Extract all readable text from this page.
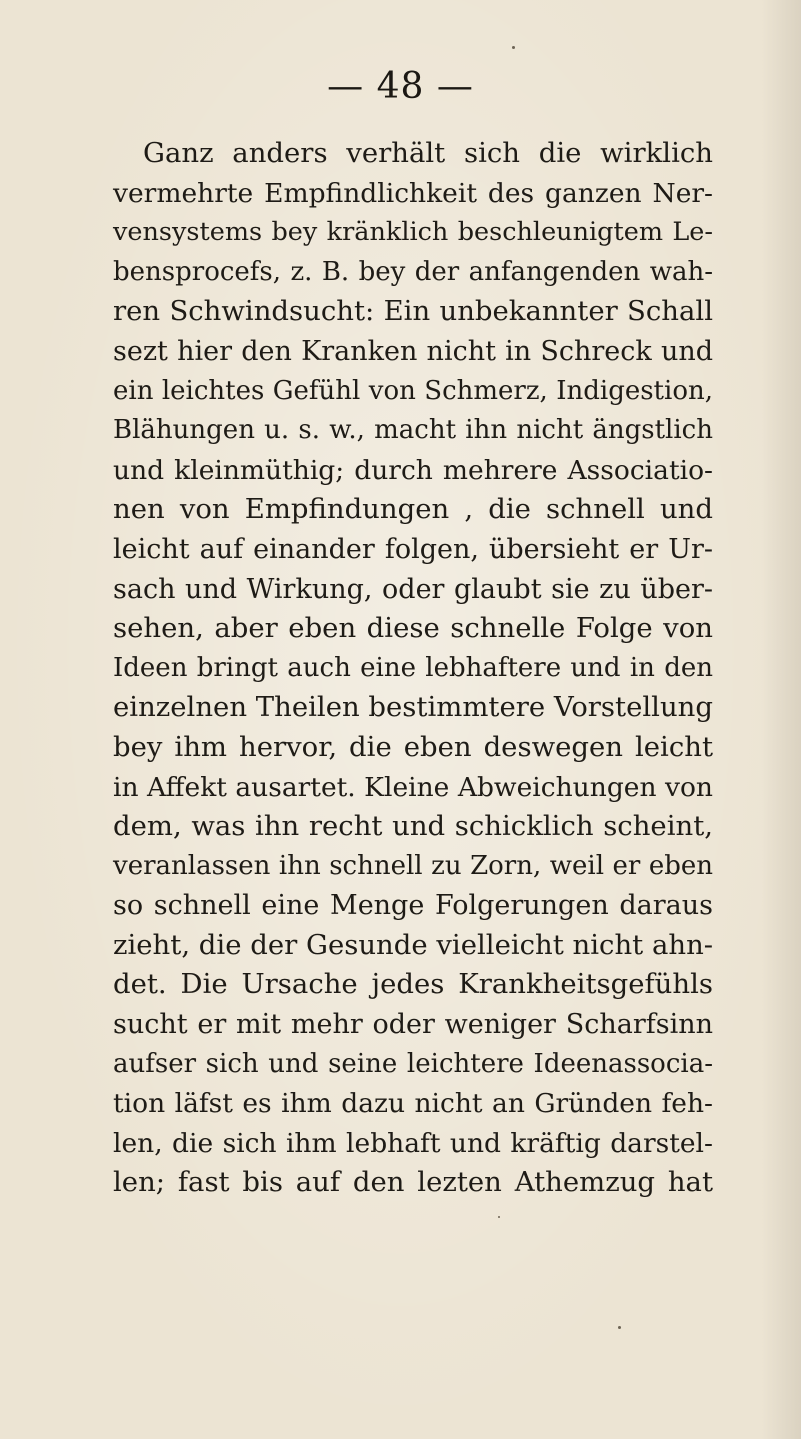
— 48 —
Ganz anders verhält sich die wirklich
vermehrte Empfindlichkeit des ganzen Ner-
vensystems bey kränklich beschleunigtem Le-
bensprocefs, z. B. bey der anfangenden wah-
ren Schwindsucht: Ein unbekannter Schall
sezt hier den Kranken nicht in Schreck und
ein leichtes Gefühl von Schmerz, Indigestion,
Blähungen u. s. w., macht ihn nicht ängstlich
und kleinmüthig; durch mehrere Associatio-
nen von Empfindungen , die schnell und
leicht auf einander folgen, übersieht er Ur-
sach und Wirkung, oder glaubt sie zu über-
sehen, aber eben diese schnelle Folge von
Ideen bringt auch eine lebhaftere und in den
einzelnen Theilen bestimmtere Vorstellung
bey ihm hervor, die eben deswegen leicht
in Affekt ausartet. Kleine Abweichungen von
dem, was ihn recht und schicklich scheint,
veranlassen ihn schnell zu Zorn, weil er eben
so schnell eine Menge Folgerungen daraus
zieht, die der Gesunde vielleicht nicht ahn-
det. Die Ursache jedes Krankheitsgefühls
sucht er mit mehr oder weniger Scharfsinn
aufser sich und seine leichtere Ideenassocia-
tion läfst es ihm dazu nicht an Gründen feh-
len, die sich ihm lebhaft und kräftig darstel-
len; fast bis auf den lezten Athemzug hat
